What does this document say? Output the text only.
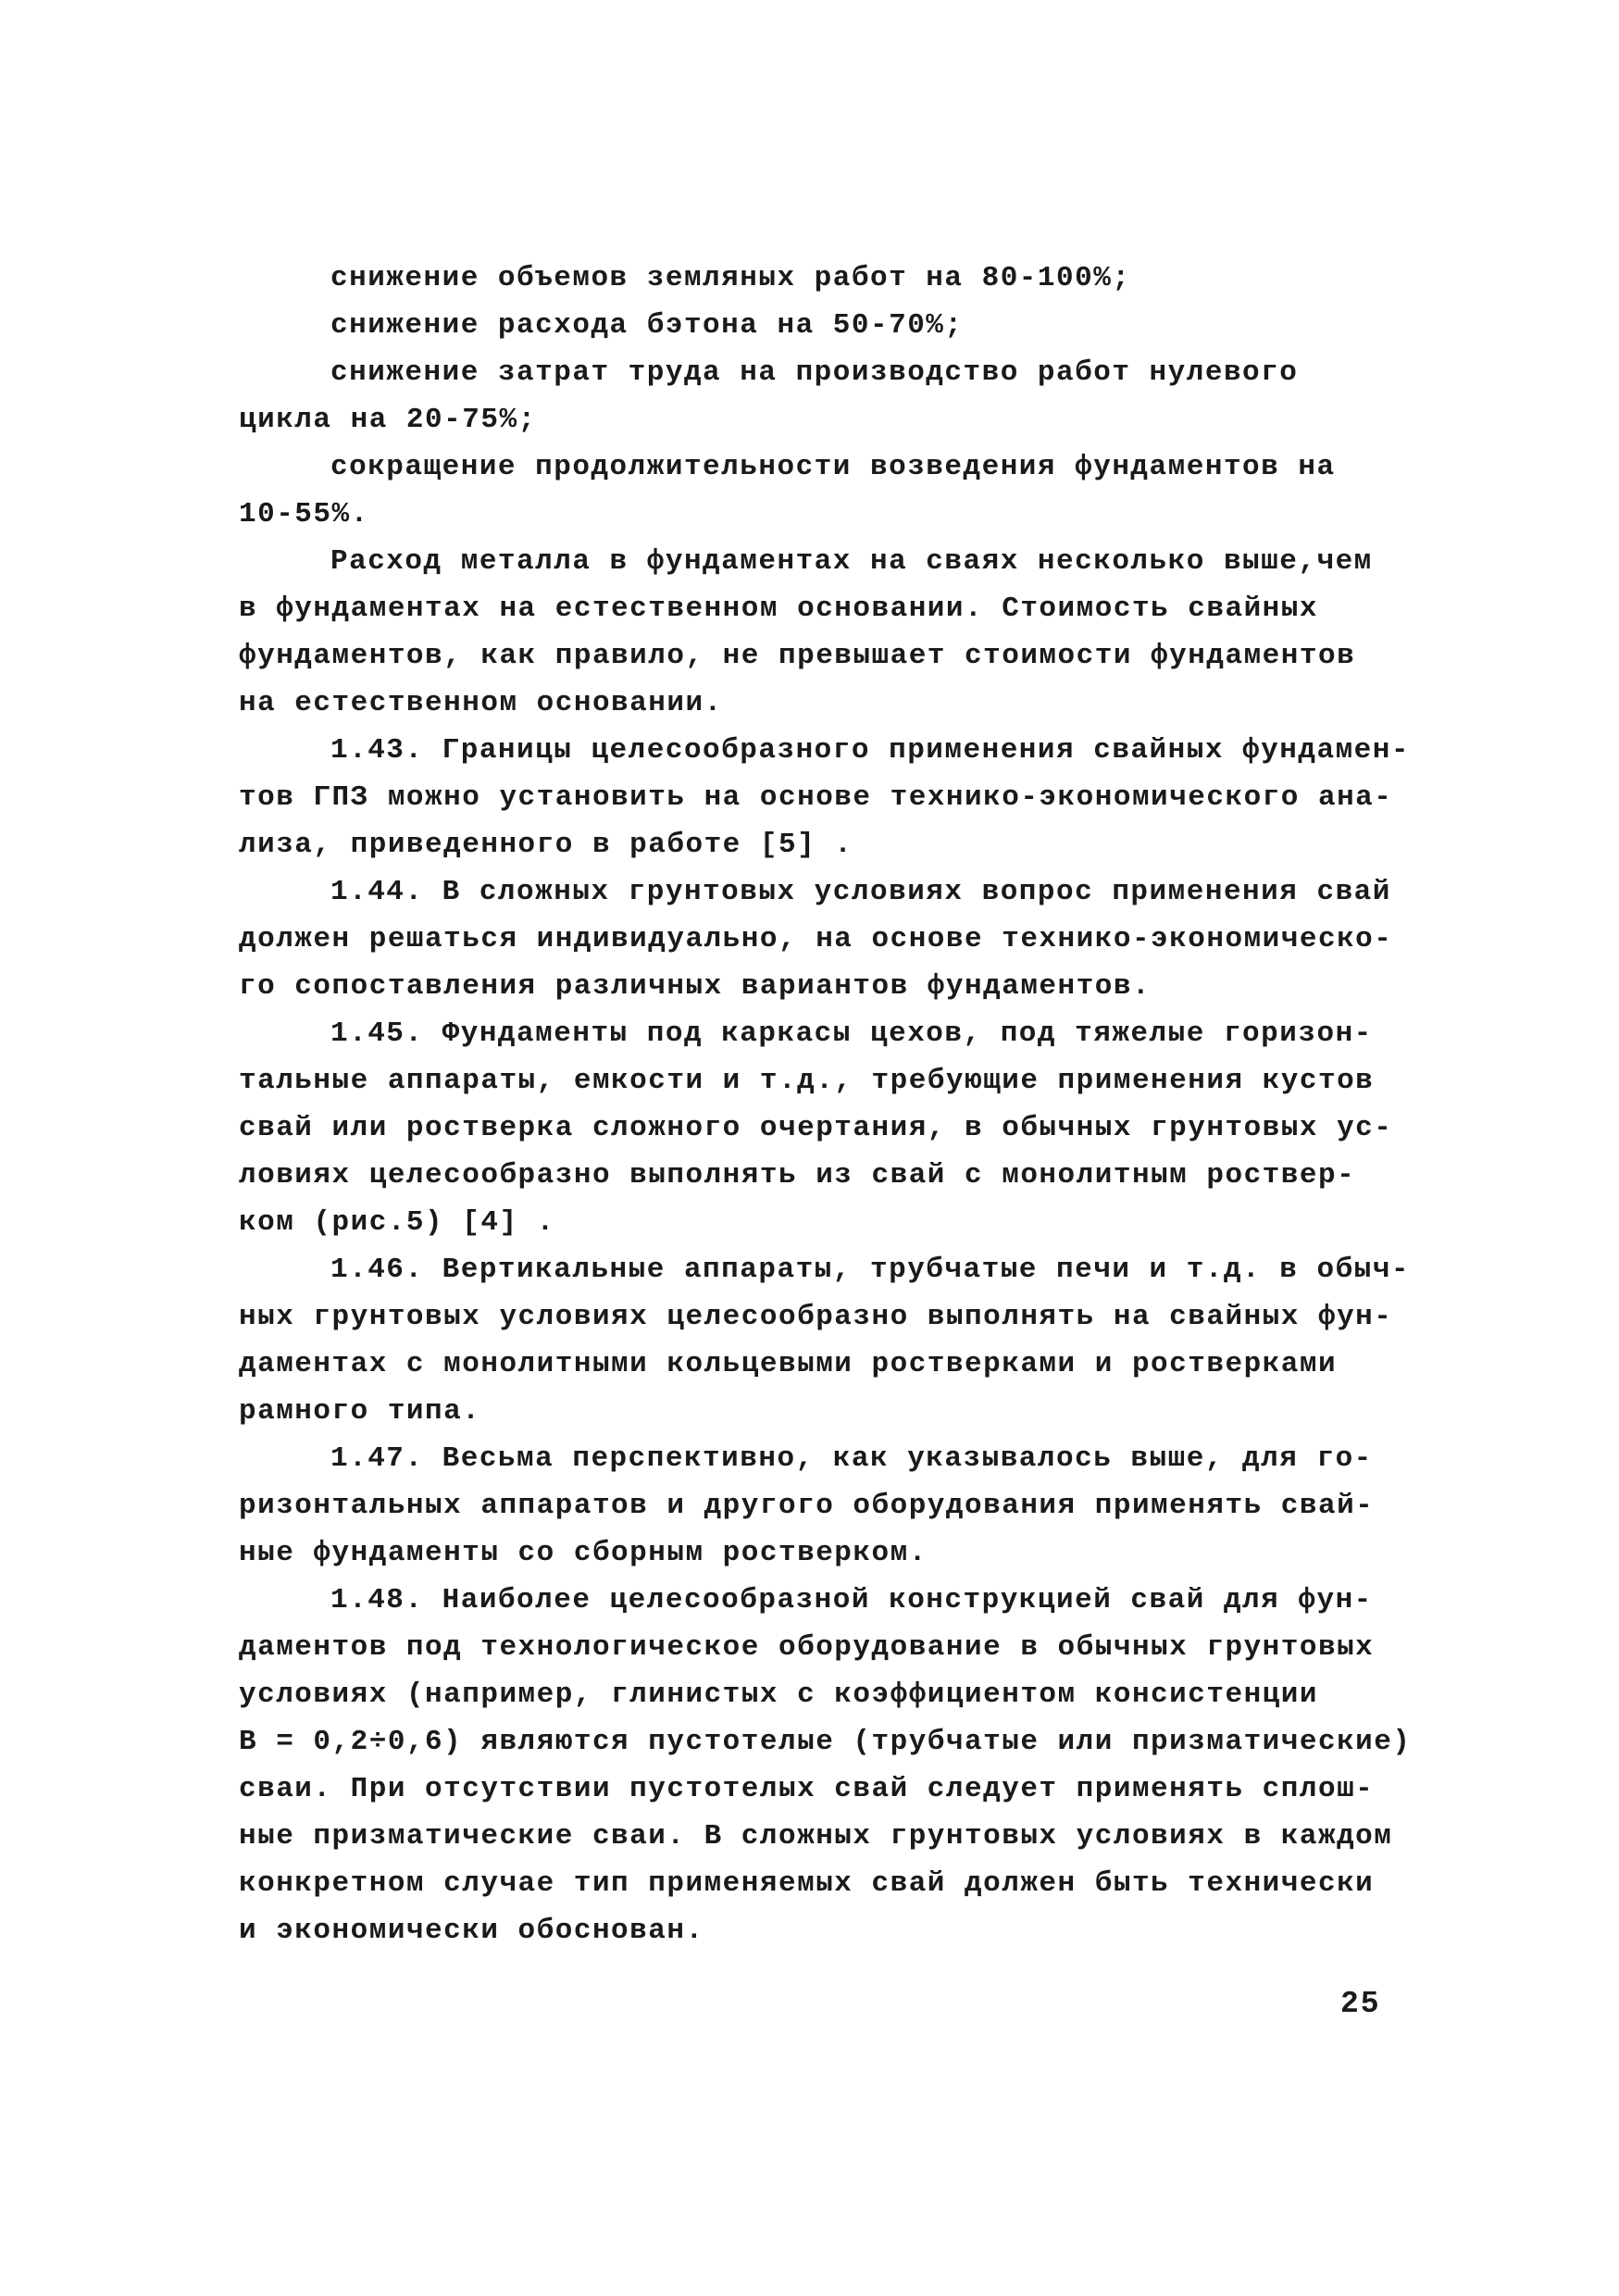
снижение объемов земляных работ на 80-100%;
снижение расхода бэтона на 50-70%;
снижение затрат труда на производство работ нулевого
цикла на 20-75%;
сокращение продолжительности возведения фундаментов на
10-55%.
Расход металла в фундаментах на сваях несколько выше,чем
в фундаментах на естественном основании. Стоимость свайных
фундаментов, как правило, не превышает стоимости фундаментов
на естественном основании.
1.43. Границы целесообразного применения свайных фундамен-
тов ГПЗ можно установить на основе технико-экономического ана-
лиза, приведенного в работе [5] .
1.44. В сложных грунтовых условиях вопрос применения свай
должен решаться индивидуально, на основе технико-экономическо-
го сопоставления различных вариантов фундаментов.
1.45. Фундаменты под каркасы цехов, под тяжелые горизон-
тальные аппараты, емкости и т.д., требующие применения кустов
свай или ростверка сложного очертания, в обычных грунтовых ус-
ловиях целесообразно выполнять из свай с монолитным роствер-
ком (рис.5) [4] .
1.46. Вертикальные аппараты, трубчатые печи и т.д. в обыч-
ных грунтовых условиях целесообразно выполнять на свайных фун-
даментах с монолитными кольцевыми ростверками и ростверками
рамного типа.
1.47. Весьма перспективно, как указывалось выше, для го-
ризонтальных аппаратов и другого оборудования применять свай-
ные фундаменты со сборным ростверком.
1.48. Наиболее целесообразной конструкцией свай для фун-
даментов под технологическое оборудование в обычных грунтовых
условиях (например, глинистых с коэффициентом консистенции
В = 0,2÷0,6) являются пустотелые (трубчатые или призматические)
сваи. При отсутствии пустотелых свай следует применять сплош-
ные призматические сваи. В сложных грунтовых условиях в каждом
конкретном случае тип применяемых свай должен быть технически
и экономически обоснован.
25
